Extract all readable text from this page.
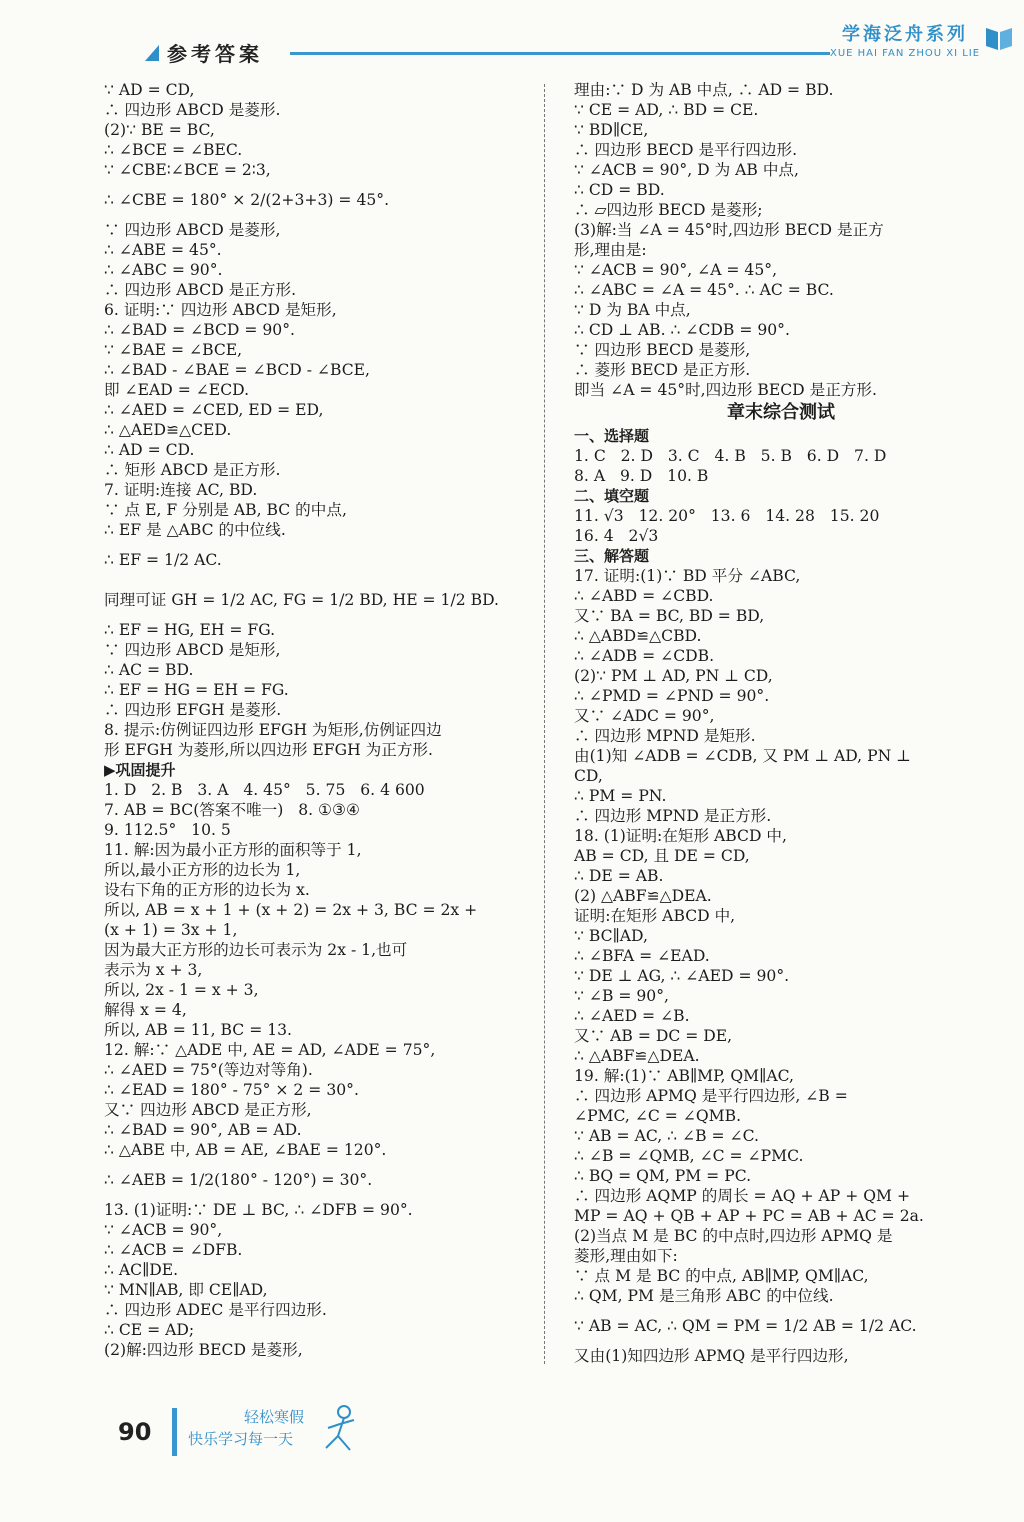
参考答案
学海泛舟系列
XUE HAI FAN ZHOU XI LIE
∵ AD = CD,
∴ 四边形 ABCD 是菱形.
(2)∵ BE = BC,
∴ ∠BCE = ∠BEC.
∵ ∠CBE∶∠BCE = 2∶3,
∴ ∠CBE = 180° × 2/(2+3+3) = 45°.
∵ 四边形 ABCD 是菱形,
∴ ∠ABE = 45°.
∴ ∠ABC = 90°.
∴ 四边形 ABCD 是正方形.
6. 证明:∵ 四边形 ABCD 是矩形,
∴ ∠BAD = ∠BCD = 90°.
∵ ∠BAE = ∠BCE,
∴ ∠BAD - ∠BAE = ∠BCD - ∠BCE,
即 ∠EAD = ∠ECD.
∴ ∠AED = ∠CED, ED = ED,
∴ △AED≌△CED.
∴ AD = CD.
∴ 矩形 ABCD 是正方形.
7. 证明:连接 AC, BD.
∵ 点 E, F 分别是 AB, BC 的中点,
∴ EF 是 △ABC 的中位线.
∴ EF = 1/2 AC.
同理可证 GH = 1/2 AC, FG = 1/2 BD, HE = 1/2 BD.
∴ EF = HG, EH = FG.
∵ 四边形 ABCD 是矩形,
∴ AC = BD.
∴ EF = HG = EH = FG.
∴ 四边形 EFGH 是菱形.
8. 提示:仿例证四边形 EFGH 为矩形,仿例证四边
形 EFGH 为菱形,所以四边形 EFGH 为正方形.
▶巩固提升
1. D   2. B   3. A   4. 45°   5. 75   6. 4 600
7. AB = BC(答案不唯一)   8. ①③④
9. 112.5°   10. 5
11. 解:因为最小正方形的面积等于 1,
所以,最小正方形的边长为 1,
设右下角的正方形的边长为 x.
所以, AB = x + 1 + (x + 2) = 2x + 3, BC = 2x +
(x + 1) = 3x + 1,
因为最大正方形的边长可表示为 2x - 1,也可
表示为 x + 3,
所以, 2x - 1 = x + 3,
解得 x = 4,
所以, AB = 11, BC = 13.
12. 解:∵ △ADE 中, AE = AD, ∠ADE = 75°,
∴ ∠AED = 75°(等边对等角).
∴ ∠EAD = 180° - 75° × 2 = 30°.
又∵ 四边形 ABCD 是正方形,
∴ ∠BAD = 90°, AB = AD.
∴ △ABE 中, AB = AE, ∠BAE = 120°.
∴ ∠AEB = 1/2(180° - 120°) = 30°.
13. (1)证明:∵ DE ⊥ BC, ∴ ∠DFB = 90°.
∵ ∠ACB = 90°,
∴ ∠ACB = ∠DFB.
∴ AC∥DE.
∵ MN∥AB, 即 CE∥AD,
∴ 四边形 ADEC 是平行四边形.
∴ CE = AD;
(2)解:四边形 BECD 是菱形,
理由:∵ D 为 AB 中点, ∴ AD = BD.
∵ CE = AD, ∴ BD = CE.
∵ BD∥CE,
∴ 四边形 BECD 是平行四边形.
∵ ∠ACB = 90°, D 为 AB 中点,
∴ CD = BD.
∴ ▱四边形 BECD 是菱形;
(3)解:当 ∠A = 45°时,四边形 BECD 是正方
形,理由是:
∵ ∠ACB = 90°, ∠A = 45°,
∴ ∠ABC = ∠A = 45°. ∴ AC = BC.
∵ D 为 BA 中点,
∴ CD ⊥ AB. ∴ ∠CDB = 90°.
∵ 四边形 BECD 是菱形,
∴ 菱形 BECD 是正方形.
即当 ∠A = 45°时,四边形 BECD 是正方形.
章末综合测试
一、选择题
1. C   2. D   3. C   4. B   5. B   6. D   7. D
8. A   9. D   10. B
二、填空题
11. √3   12. 20°   13. 6   14. 28   15. 20
16. 4   2√3
三、解答题
17. 证明:(1)∵ BD 平分 ∠ABC,
∴ ∠ABD = ∠CBD.
又∵ BA = BC, BD = BD,
∴ △ABD≌△CBD.
∴ ∠ADB = ∠CDB.
(2)∵ PM ⊥ AD, PN ⊥ CD,
∴ ∠PMD = ∠PND = 90°.
又∵ ∠ADC = 90°,
∴ 四边形 MPND 是矩形.
由(1)知 ∠ADB = ∠CDB, 又 PM ⊥ AD, PN ⊥
CD,
∴ PM = PN.
∴ 四边形 MPND 是正方形.
18. (1)证明:在矩形 ABCD 中,
AB = CD, 且 DE = CD,
∴ DE = AB.
(2) △ABF≌△DEA.
证明:在矩形 ABCD 中,
∵ BC∥AD,
∴ ∠BFA = ∠EAD.
∵ DE ⊥ AG, ∴ ∠AED = 90°.
∵ ∠B = 90°,
∴ ∠AED = ∠B.
又∵ AB = DC = DE,
∴ △ABF≌△DEA.
19. 解:(1)∵ AB∥MP, QM∥AC,
∴ 四边形 APMQ 是平行四边形, ∠B =
∠PMC, ∠C = ∠QMB.
∵ AB = AC, ∴ ∠B = ∠C.
∴ ∠B = ∠QMB, ∠C = ∠PMC.
∴ BQ = QM, PM = PC.
∴ 四边形 AQMP 的周长 = AQ + AP + QM +
MP = AQ + QB + AP + PC = AB + AC = 2a.
(2)当点 M 是 BC 的中点时,四边形 APMQ 是
菱形,理由如下:
∵ 点 M 是 BC 的中点, AB∥MP, QM∥AC,
∴ QM, PM 是三角形 ABC 的中位线.
∵ AB = AC, ∴ QM = PM = 1/2 AB = 1/2 AC.
又由(1)知四边形 APMQ 是平行四边形,
90
轻松寒假
快乐学习每一天
